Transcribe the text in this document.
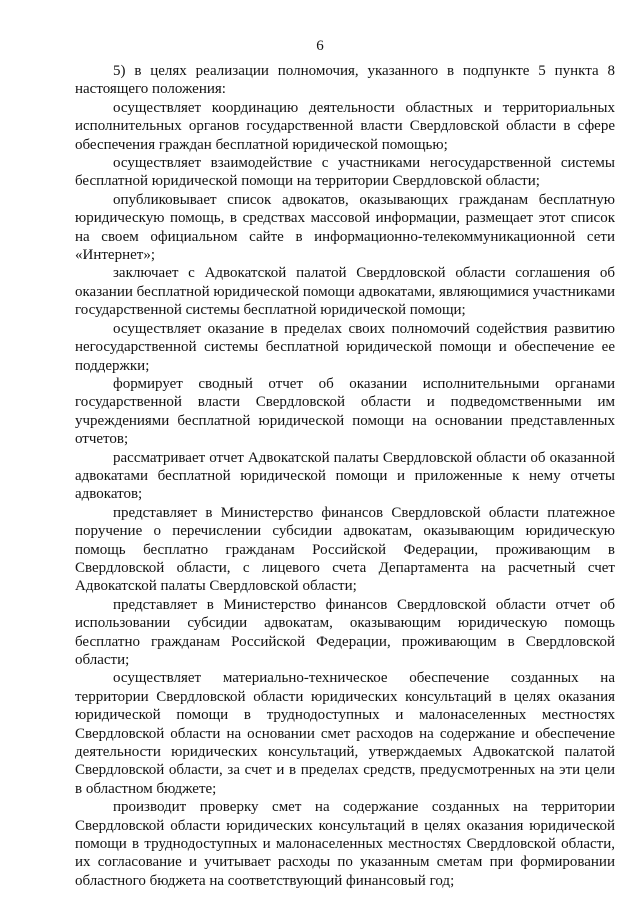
6

5) в целях реализации полномочия, указанного в подпункте 5 пункта 8 настоящего положения:

осуществляет координацию деятельности областных и территориальных исполнительных органов государственной власти Свердловской области в сфере обеспечения граждан бесплатной юридической помощью;

осуществляет взаимодействие с участниками негосударственной системы бесплатной юридической помощи на территории Свердловской области;

опубликовывает список адвокатов, оказывающих гражданам бесплатную юридическую помощь, в средствах массовой информации, размещает этот список на своем официальном сайте в информационно-телекоммуникационной сети «Интернет»;

заключает с Адвокатской палатой Свердловской области соглашения об оказании бесплатной юридической помощи адвокатами, являющимися участниками государственной системы бесплатной юридической помощи;

осуществляет оказание в пределах своих полномочий содействия развитию негосударственной системы бесплатной юридической помощи и обеспечение ее поддержки;

формирует сводный отчет об оказании исполнительными органами государственной власти Свердловской области и подведомственными им учреждениями бесплатной юридической помощи на основании представленных отчетов;

рассматривает отчет Адвокатской палаты Свердловской области об оказанной адвокатами бесплатной юридической помощи и приложенные к нему отчеты адвокатов;

представляет в Министерство финансов Свердловской области платежное поручение о перечислении субсидии адвокатам, оказывающим юридическую помощь бесплатно гражданам Российской Федерации, проживающим в Свердловской области, с лицевого счета Департамента на расчетный счет Адвокатской палаты Свердловской области;

представляет в Министерство финансов Свердловской области отчет об использовании субсидии адвокатам, оказывающим юридическую помощь бесплатно гражданам Российской Федерации, проживающим в Свердловской области;

осуществляет материально-техническое обеспечение созданных на территории Свердловской области юридических консультаций в целях оказания юридической помощи в труднодоступных и малонаселенных местностях Свердловской области на основании смет расходов на содержание и обеспечение деятельности юридических консультаций, утверждаемых Адвокатской палатой Свердловской области, за счет и в пределах средств, предусмотренных на эти цели в областном бюджете;

производит проверку смет на содержание созданных на территории Свердловской области юридических консультаций в целях оказания юридической помощи в труднодоступных и малонаселенных местностях Свердловской области, их согласование и учитывает расходы по указанным сметам при формировании областного бюджета на соответствующий финансовый год;
